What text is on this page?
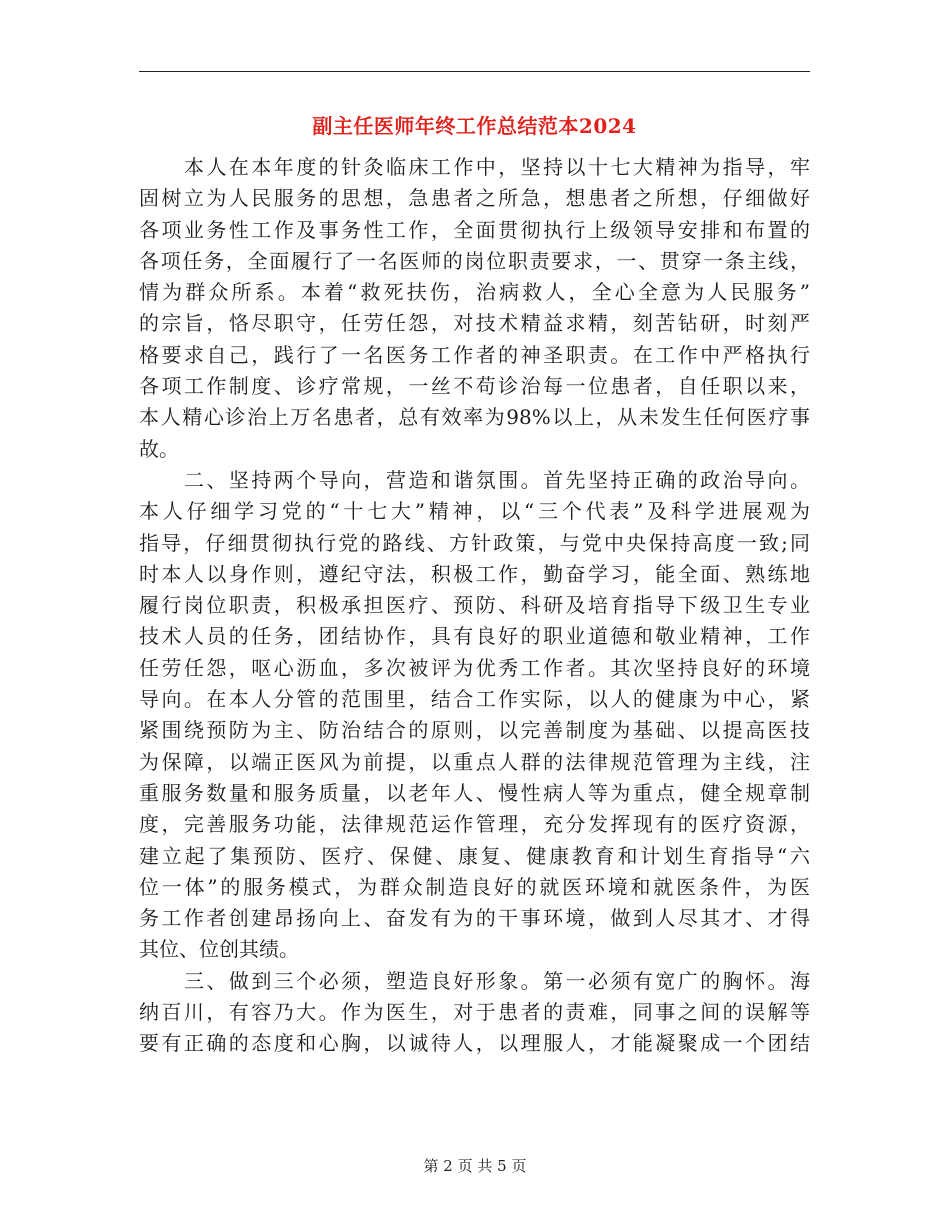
副主任医师年终工作总结范本2024
本人在本年度的针灸临床工作中，坚持以十七大精神为指导，牢
固树立为人民服务的思想，急患者之所急，想患者之所想，仔细做好
各项业务性工作及事务性工作，全面贯彻执行上级领导安排和布置的
各项任务，全面履行了一名医师的岗位职责要求，一、贯穿一条主线，
情为群众所系。本着“救死扶伤，治病救人，全心全意为人民服务”
的宗旨，恪尽职守，任劳任怨，对技术精益求精，刻苦钻研，时刻严
格要求自己，践行了一名医务工作者的神圣职责。在工作中严格执行
各项工作制度、诊疗常规，一丝不苟诊治每一位患者，自任职以来，
本人精心诊治上万名患者，总有效率为98%以上，从未发生任何医疗事
故。
二、坚持两个导向，营造和谐氛围。首先坚持正确的政治导向。
本人仔细学习党的“十七大”精神，以“三个代表”及科学进展观为
指导，仔细贯彻执行党的路线、方针政策，与党中央保持高度一致;同
时本人以身作则，遵纪守法，积极工作，勤奋学习，能全面、熟练地
履行岗位职责，积极承担医疗、预防、科研及培育指导下级卫生专业
技术人员的任务，团结协作，具有良好的职业道德和敬业精神，工作
任劳任怨，呕心沥血，多次被评为优秀工作者。其次坚持良好的环境
导向。在本人分管的范围里，结合工作实际，以人的健康为中心，紧
紧围绕预防为主、防治结合的原则，以完善制度为基础、以提高医技
为保障，以端正医风为前提，以重点人群的法律规范管理为主线，注
重服务数量和服务质量，以老年人、慢性病人等为重点，健全规章制
度，完善服务功能，法律规范运作管理，充分发挥现有的医疗资源，
建立起了集预防、医疗、保健、康复、健康教育和计划生育指导“六
位一体”的服务模式，为群众制造良好的就医环境和就医条件，为医
务工作者创建昂扬向上、奋发有为的干事环境，做到人尽其才、才得
其位、位创其绩。
三、做到三个必须，塑造良好形象。第一必须有宽广的胸怀。海
纳百川，有容乃大。作为医生，对于患者的责难，同事之间的误解等
要有正确的态度和心胸，以诚待人，以理服人，才能凝聚成一个团结
第 2 页 共 5 页
